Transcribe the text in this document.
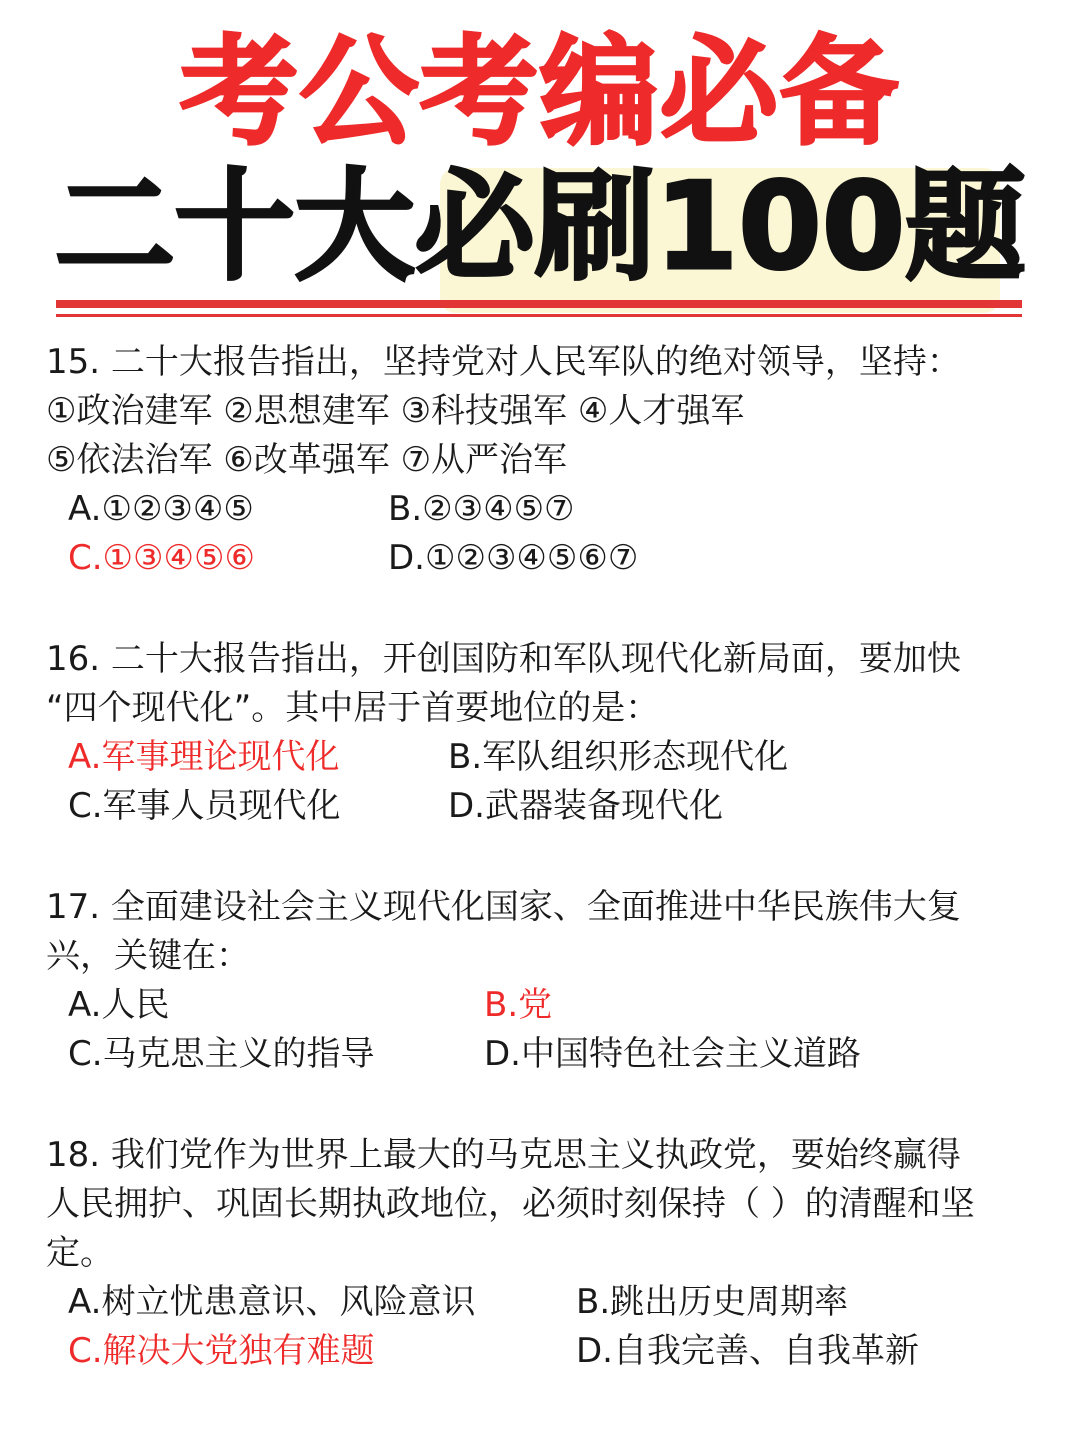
考公考编必备
二十大必刷100题
15. 二十大报告指出，坚持党对人民军队的绝对领导，坚持：
①政治建军 ②思想建军 ③科技强军 ④人才强军
⑤依法治军 ⑥改革强军 ⑦从严治军
A.①②③④⑤	B.②③④⑤⑦
C.①③④⑤⑥	D.①②③④⑤⑥⑦
16. 二十大报告指出，开创国防和军队现代化新局面，要加快
“四个现代化”。其中居于首要地位的是：
A.军事理论现代化	B.军队组织形态现代化
C.军事人员现代化	D.武器装备现代化
17. 全面建设社会主义现代化国家、全面推进中华民族伟大复
兴，关键在：
A.人民	B.党
C.马克思主义的指导	D.中国特色社会主义道路
18. 我们党作为世界上最大的马克思主义执政党，要始终赢得
人民拥护、巩固长期执政地位，必须时刻保持（ ）的清醒和坚
定。
A.树立忧患意识、风险意识	B.跳出历史周期率
C.解决大党独有难题	D.自我完善、自我革新
